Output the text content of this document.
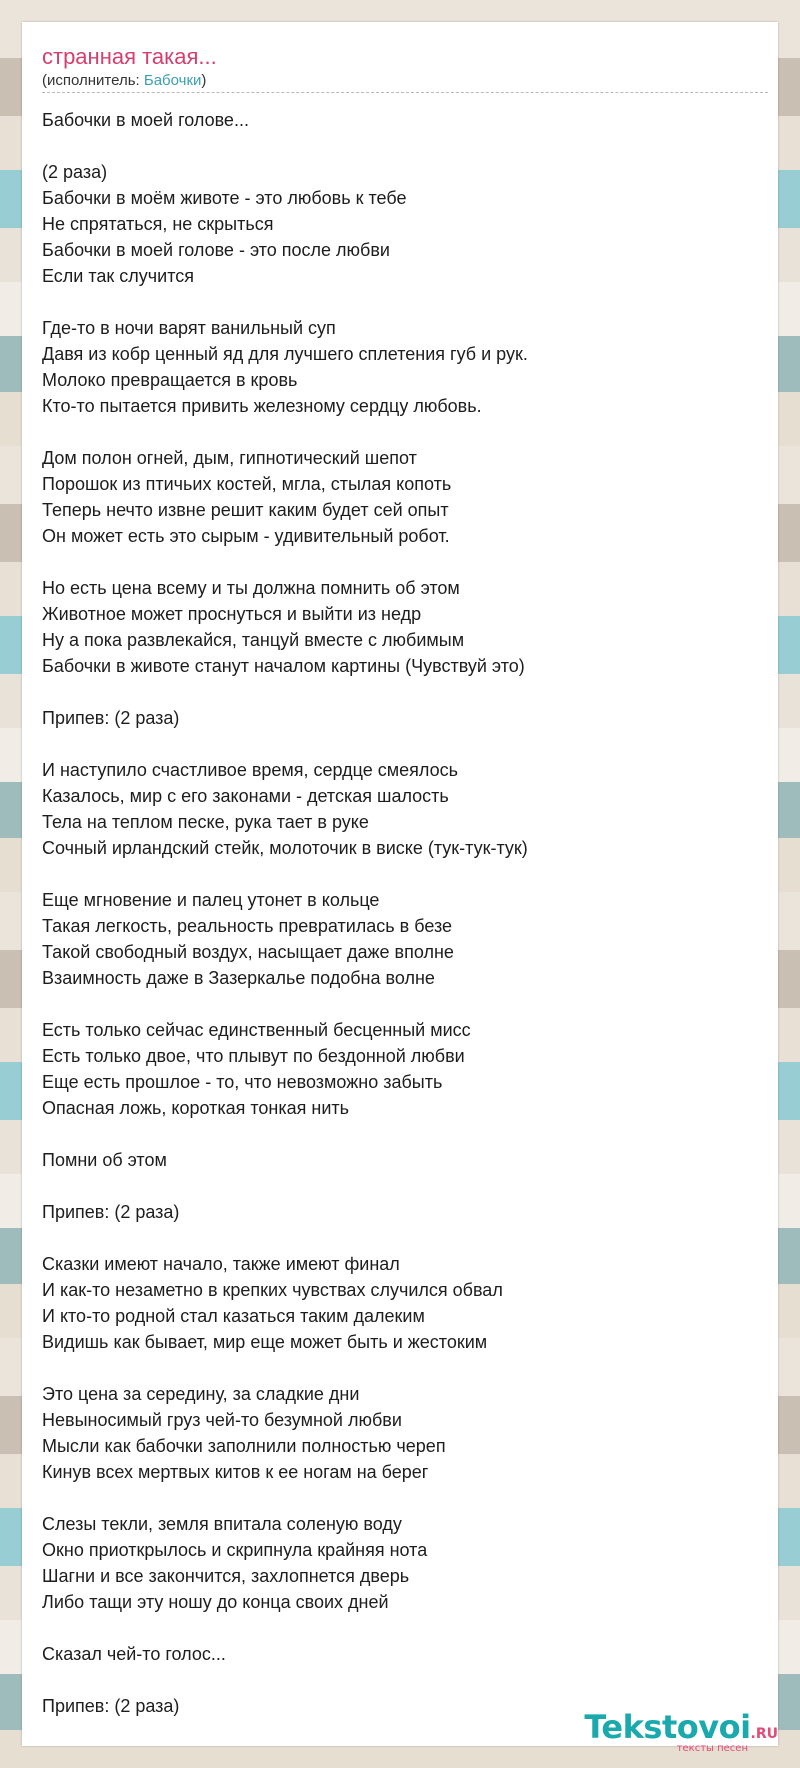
странная такая...
(исполнитель: Бабочки)
Бабочки в моей голове...
(2 раза)
Бабочки в моём животе - это любовь к тебе
Не спрятаться, не скрыться
Бабочки в моей голове - это после любви
Если так случится
Где-то в ночи варят ванильный суп
Давя из кобр ценный яд для лучшего сплетения губ и рук.
Молоко превращается в кровь
Кто-то пытается привить железному сердцу любовь.
Дом полон огней, дым, гипнотический шепот
Порошок из птичьих костей, мгла, стылая копоть
Теперь нечто извне решит каким будет сей опыт
Он может есть это сырым - удивительный робот.
Но есть цена всему и ты должна помнить об этом
Животное может проснуться и выйти из недр
Ну а пока развлекайся, танцуй вместе с любимым
Бабочки в животе станут началом картины (Чувствуй это)
Припев: (2 раза)
И наступило счастливое время, сердце смеялось
Казалось, мир с его законами - детская шалость
Тела на теплом песке, рука тает в руке
Сочный ирландский стейк, молоточик в виске (тук-тук-тук)
Еще мгновение и палец утонет в кольце
Такая легкость, реальность превратилась в безе
Такой свободный воздух, насыщает даже вполне
Взаимность даже в Зазеркалье подобна волне
Есть только сейчас единственный бесценный мисс
Есть только двое, что плывут по бездонной любви
Еще есть прошлое - то, что невозможно забыть
Опасная ложь, короткая тонкая нить
Помни об этом
Припев: (2 раза)
Сказки имеют начало, также имеют финал
И как-то незаметно в крепких чувствах случился обвал
И кто-то родной стал казаться таким далеким
Видишь как бывает, мир еще может быть и жестоким
Это цена за середину, за сладкие дни
Невыносимый груз чей-то безумной любви
Мысли как бабочки заполнили полностью череп
Кинув всех мертвых китов к ее ногам на берег
Слезы текли, земля впитала соленую воду
Окно приоткрылось и скрипнула крайняя нота
Шагни и все закончится, захлопнется дверь
Либо тащи эту ношу до конца своих дней
Сказал чей-то голос...
Припев: (2 раза)
Tekstovoi.RU
тексты песен
